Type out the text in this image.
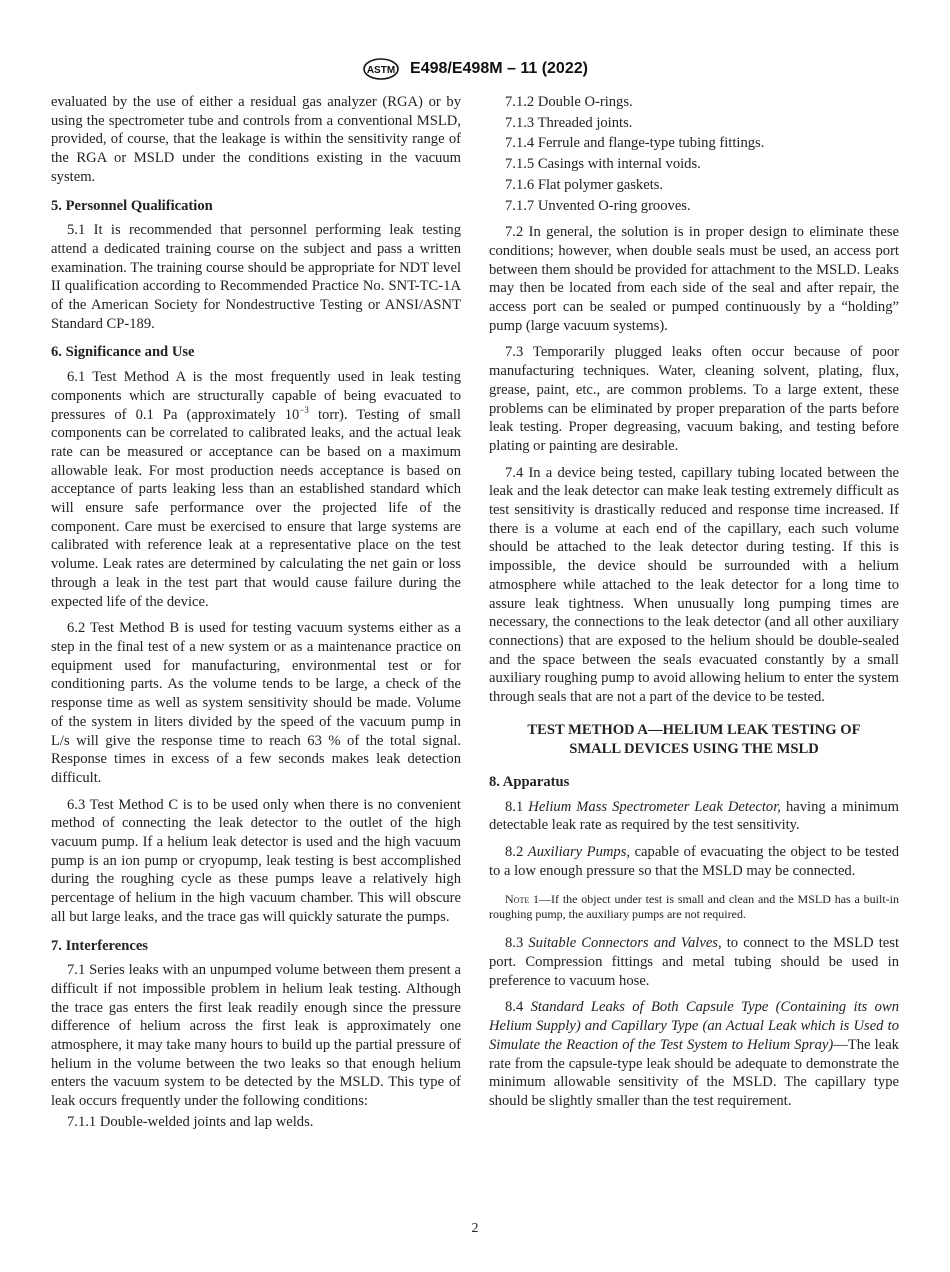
ASTM E498/E498M – 11 (2022)

evaluated by the use of either a residual gas analyzer (RGA) or by using the spectrometer tube and controls from a conventional MSLD, provided, of course, that the leakage is within the sensitivity range of the RGA or MSLD under the conditions existing in the vacuum system.

5. Personnel Qualification

5.1 It is recommended that personnel performing leak testing attend a dedicated training course on the subject and pass a written examination. The training course should be appropriate for NDT level II qualification according to Recommended Practice No. SNT-TC-1A of the American Society for Nondestructive Testing or ANSI/ASNT Standard CP-189.

6. Significance and Use

6.1 Test Method A is the most frequently used in leak testing components which are structurally capable of being evacuated to pressures of 0.1 Pa (approximately $10^{-3}$ torr). Testing of small components can be correlated to calibrated leaks, and the actual leak rate can be measured or acceptance can be based on a maximum allowable leak. For most production needs acceptance is based on acceptance of parts leaking less than an established standard which will ensure safe performance over the projected life of the component. Care must be exercised to ensure that large systems are calibrated with reference leak at a representative place on the test volume. Leak rates are determined by calculating the net gain or loss through a leak in the test part that would cause failure during the expected life of the device.

6.2 Test Method B is used for testing vacuum systems either as a step in the final test of a new system or as a maintenance practice on equipment used for manufacturing, environmental test or for conditioning parts. As the volume tends to be large, a check of the response time as well as system sensitivity should be made. Volume of the system in liters divided by the speed of the vacuum pump in L/s will give the response time to reach 63 % of the total signal. Response times in excess of a few seconds makes leak detection difficult.

6.3 Test Method C is to be used only when there is no convenient method of connecting the leak detector to the outlet of the high vacuum pump. If a helium leak detector is used and the high vacuum pump is an ion pump or cryopump, leak testing is best accomplished during the roughing cycle as these pumps leave a relatively high percentage of helium in the high vacuum chamber. This will obscure all but large leaks, and the trace gas will quickly saturate the pumps.

7. Interferences

7.1 Series leaks with an unpumped volume between them present a difficult if not impossible problem in helium leak testing. Although the trace gas enters the first leak readily enough since the pressure difference of helium across the first leak is approximately one atmosphere, it may take many hours to build up the partial pressure of helium in the volume between the two leaks so that enough helium enters the vacuum system to be detected by the MSLD. This type of leak occurs frequently under the following conditions:

7.1.1 Double-welded joints and lap welds.

7.1.2 Double O-rings.

7.1.3 Threaded joints.

7.1.4 Ferrule and flange-type tubing fittings.

7.1.5 Casings with internal voids.

7.1.6 Flat polymer gaskets.

7.1.7 Unvented O-ring grooves.

7.2 In general, the solution is in proper design to eliminate these conditions; however, when double seals must be used, an access port between them should be provided for attachment to the MSLD. Leaks may then be located from each side of the seal and after repair, the access port can be sealed or pumped continuously by a “holding” pump (large vacuum systems).

7.3 Temporarily plugged leaks often occur because of poor manufacturing techniques. Water, cleaning solvent, plating, flux, grease, paint, etc., are common problems. To a large extent, these problems can be eliminated by proper preparation of the parts before leak testing. Proper degreasing, vacuum baking, and testing before plating or painting are desirable.

7.4 In a device being tested, capillary tubing located between the leak and the leak detector can make leak testing extremely difficult as test sensitivity is drastically reduced and response time increased. If there is a volume at each end of the capillary, each such volume should be attached to the leak detector during testing. If this is impossible, the device should be surrounded with a helium atmosphere while attached to the leak detector for a long time to assure leak tightness. When unusually long pumping times are necessary, the connections to the leak detector (and all other auxiliary connections) that are exposed to the helium should be double-sealed and the space between the seals evacuated constantly by a small auxiliary roughing pump to avoid allowing helium to enter the system through seals that are not a part of the device to be tested.

TEST METHOD A—HELIUM LEAK TESTING OF SMALL DEVICES USING THE MSLD
8. Apparatus

8.1 Helium Mass Spectrometer Leak Detector, having a minimum detectable leak rate as required by the test sensitivity.

8.2 Auxiliary Pumps, capable of evacuating the object to be tested to a low enough pressure so that the MSLD may be connected.

Note 1—If the object under test is small and clean and the MSLD has a built-in roughing pump, the auxiliary pumps are not required.

8.3 Suitable Connectors and Valves, to connect to the MSLD test port. Compression fittings and metal tubing should be used in preference to vacuum hose.

8.4 Standard Leaks of Both Capsule Type (Containing its own Helium Supply) and Capillary Type (an Actual Leak which is Used to Simulate the Reaction of the Test System to Helium Spray)—The leak rate from the capsule-type leak should be adequate to demonstrate the minimum allowable sensitivity of the MSLD. The capillary type should be slightly smaller than the test requirement.

2
